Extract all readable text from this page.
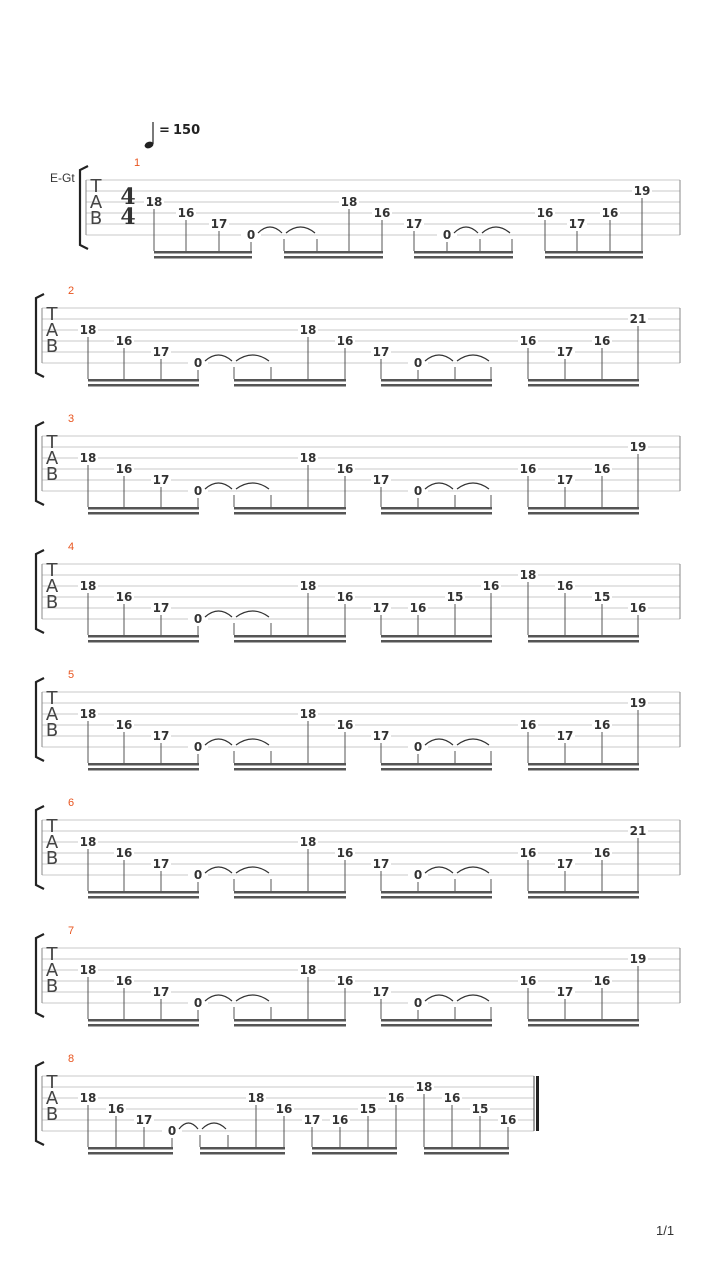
= 150
E-Gt T
A
B
4
4
1
18
16
17
0
18
16
17
0
16
17
16
19
T
A
B
2
18
16
17
0
18
16
17
0
16
17
16
21
T
A
B
3
18
16
17
0
18
16
17
0
16
17
16
19
T
A
B
4
18
16
17
0
18
16
17 16
15
16
18
16
15
16
T
A
B
5
18
16
17
0
18
16
17
0
16
17
16
19
T
A
B
6
18
16
17
0
18
16
17
0
16
17
16
21
T
A
B
7
18
16
17
0
18
16
17
0
16
17
16
19
T
A
B
8
18
16
17
0
18
16
17 16
15
16
18
16
15
16
1/1
